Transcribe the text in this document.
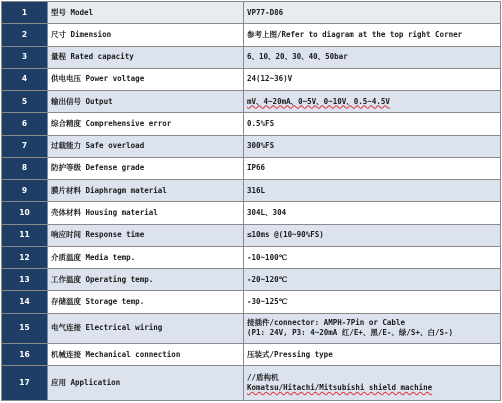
1	型号 Model	VP77-D86

2	尺寸 Dimension	参考上图/Refer to diagram at the top right Corner

3	量程 Rated capacity	6、10、20、30、40、50bar

4	供电电压 Power voltage	24(12~36)V

5	输出信号 Output	mV、4~20mA、0~5V、0~10V、0.5~4.5V

6	综合精度 Comprehensive error	0.5%FS

7	过载能力 Safe overload	300%FS

8	防护等级 Defense grade	IP66

9	膜片材料 Diaphragm material	316L

10	壳体材料 Housing material	304L、304

11	响应时间 Response time	≤10ms @(10~90%FS)

12	介质温度 Media temp.	-10~100℃

13	工作温度 Operating temp.	-20~120℃

14	存储温度 Storage temp.	-30~125℃

15	电气连接 Electrical wiring	接插件/connector: AMPH-7Pin or Cable
(P1: 24V, P3: 4~20mA 红/E+、黑/E-、绿/S+、白/S-)

16	机械连接 Mechanical connection	压装式/Pressing type

17	应用 Application	//盾构机
Komatsu/Hitachi/Mitsubishi shield machine
